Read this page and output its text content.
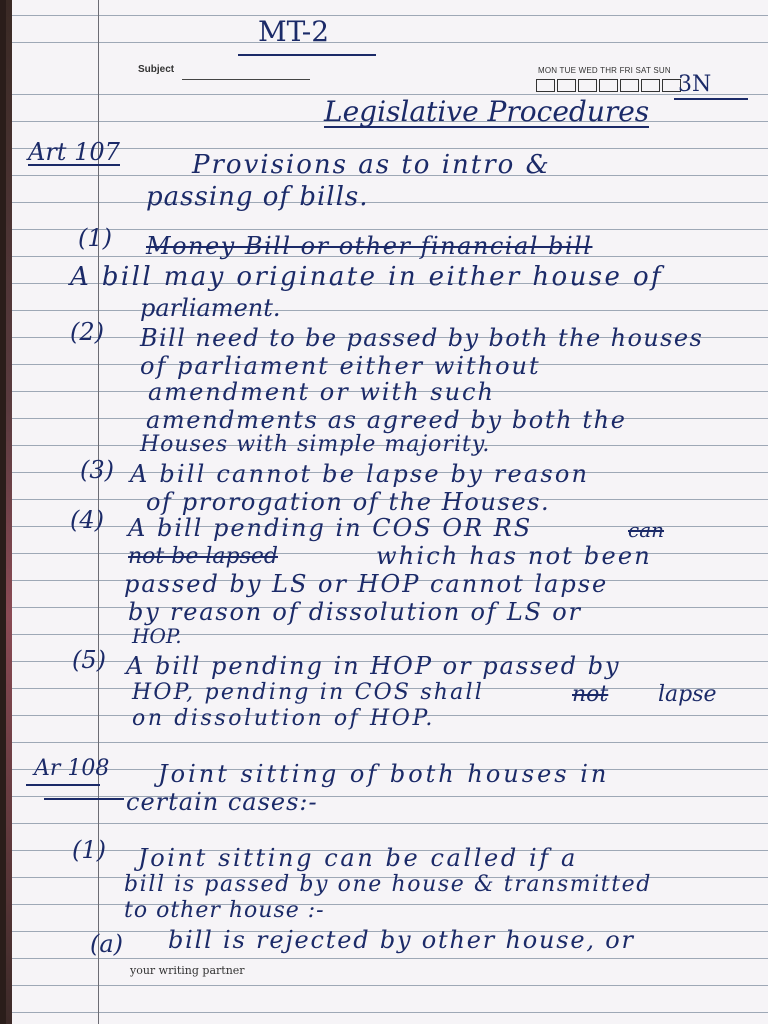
MT-2
Subject	MON TUE WED THR FRI SAT SUN
3N
Legislative Procedures
Art 107	Provisions as to intro &
passing of bills.
(1) Money Bill or other financial bill
A bill may originate in either house of
parliament.
(2) Bill need to be passed by both the houses
of parliament either without
amendment or with such
amendments as agreed by both the
Houses with simple majority.
(3) A bill cannot be lapse by reason
of prorogation of the Houses.
(4) A bill pending in COS OR RS	can
not be lapsed	which has not been
passed by LS or HOP cannot lapse
by reason of dissolution of LS or
HOP.
(5) A bill pending in HOP or passed by
HOP, pending in COS shall	not lapse
on dissolution of HOP.
Ar 108 Joint sitting of both houses in
certain cases:-
(1) Joint sitting can be called if a
bill is passed by one house & transmitted
to other house :-
(a) bill is rejected by other house, or
your writing partner
